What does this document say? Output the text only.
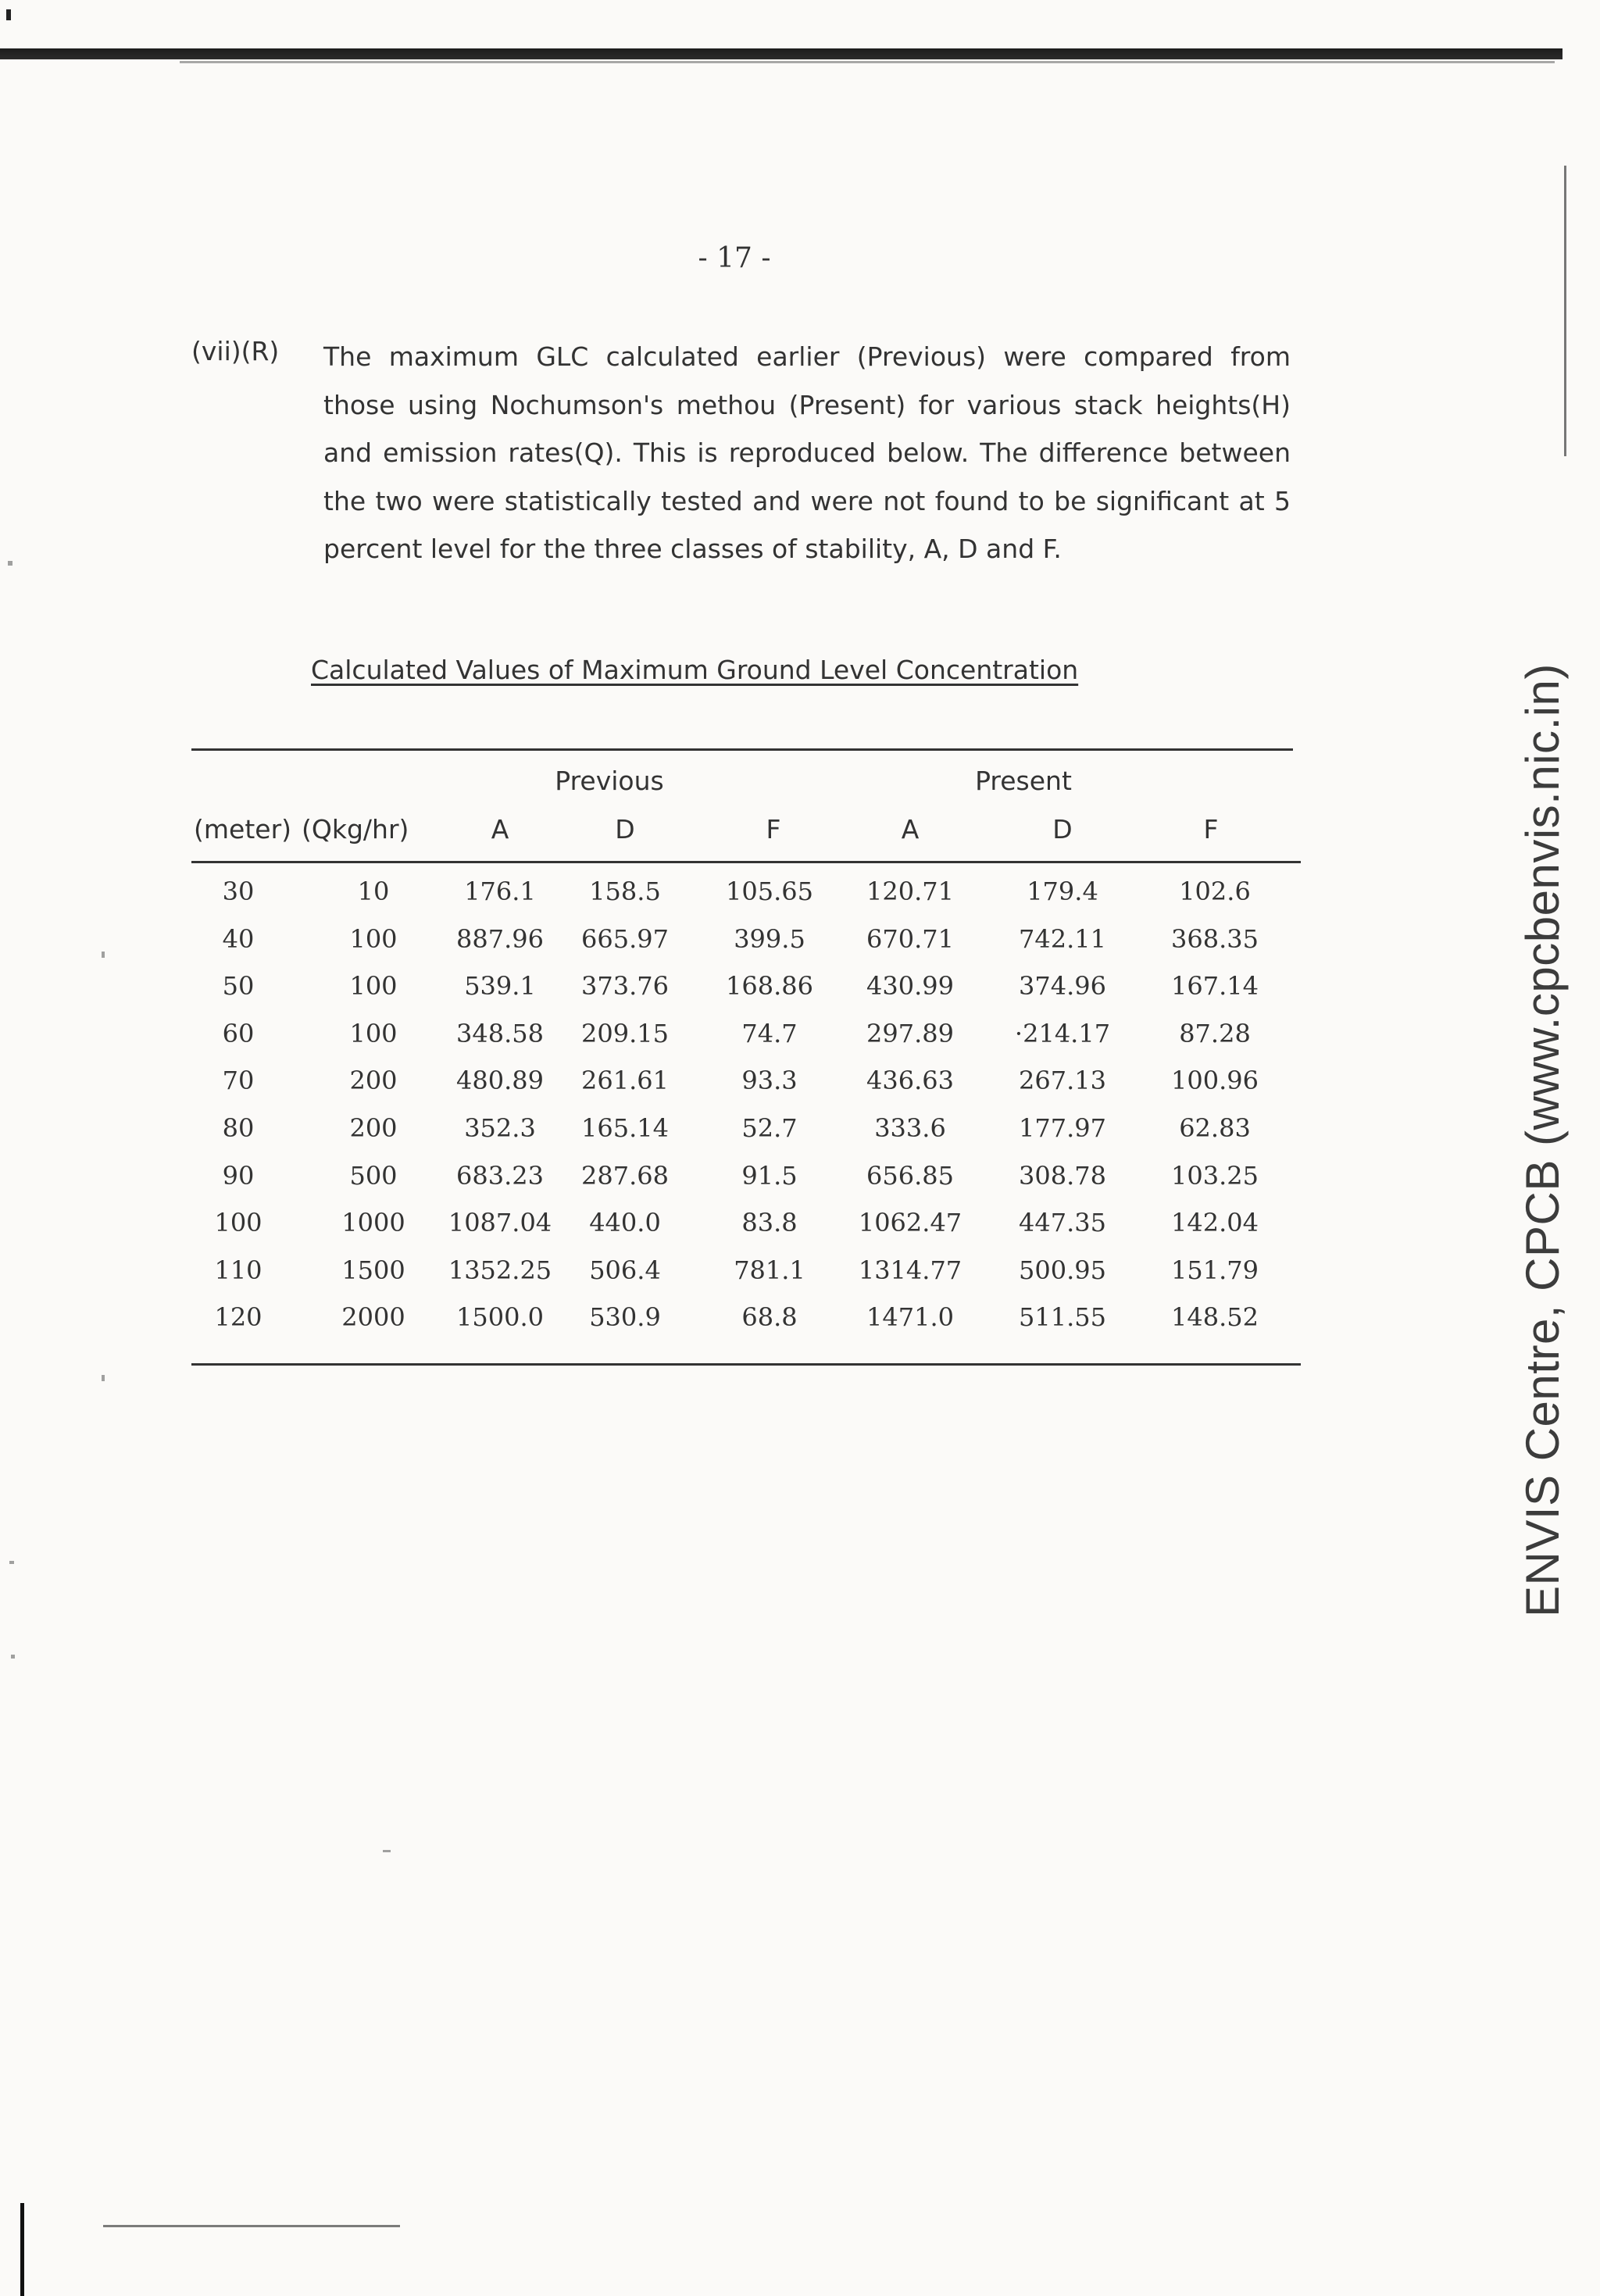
- 17 -
(vii)(R) The maximum GLC calculated earlier (Previous) were compared from those using Nochumson's methou (Present) for various stack heights(H) and emission rates(Q). This is reproduced below. The difference between the two were statistically tested and were not found to be significant at 5 percent level for the three classes of stability, A, D and F.
Calculated Values of Maximum Ground Level Concentration
Previous	Present
(meter) (Qkg/hr)	A	D	F	A	D	F
30	10	176.1	158.5	105.65	120.71	179.4	102.6
40	100	887.96	665.97	399.5	670.71	742.11	368.35
50	100	539.1	373.76	168.86	430.99	374.96	167.14
60	100	348.58	209.15	74.7	297.89	·214.17	87.28
70	200	480.89	261.61	93.3	436.63	267.13	100.96
80	200	352.3	165.14	52.7	333.6	177.97	62.83
90	500	683.23	287.68	91.5	656.85	308.78	103.25
100	1000	1087.04	440.0	83.8	1062.47	447.35	142.04
110	1500	1352.25	506.4	781.1	1314.77	500.95	151.79
120	2000	1500.0	530.9	68.8	1471.0	511.55	148.52	ENVIS Centre, CPCB (www.cpcbenvis.nic.in)
